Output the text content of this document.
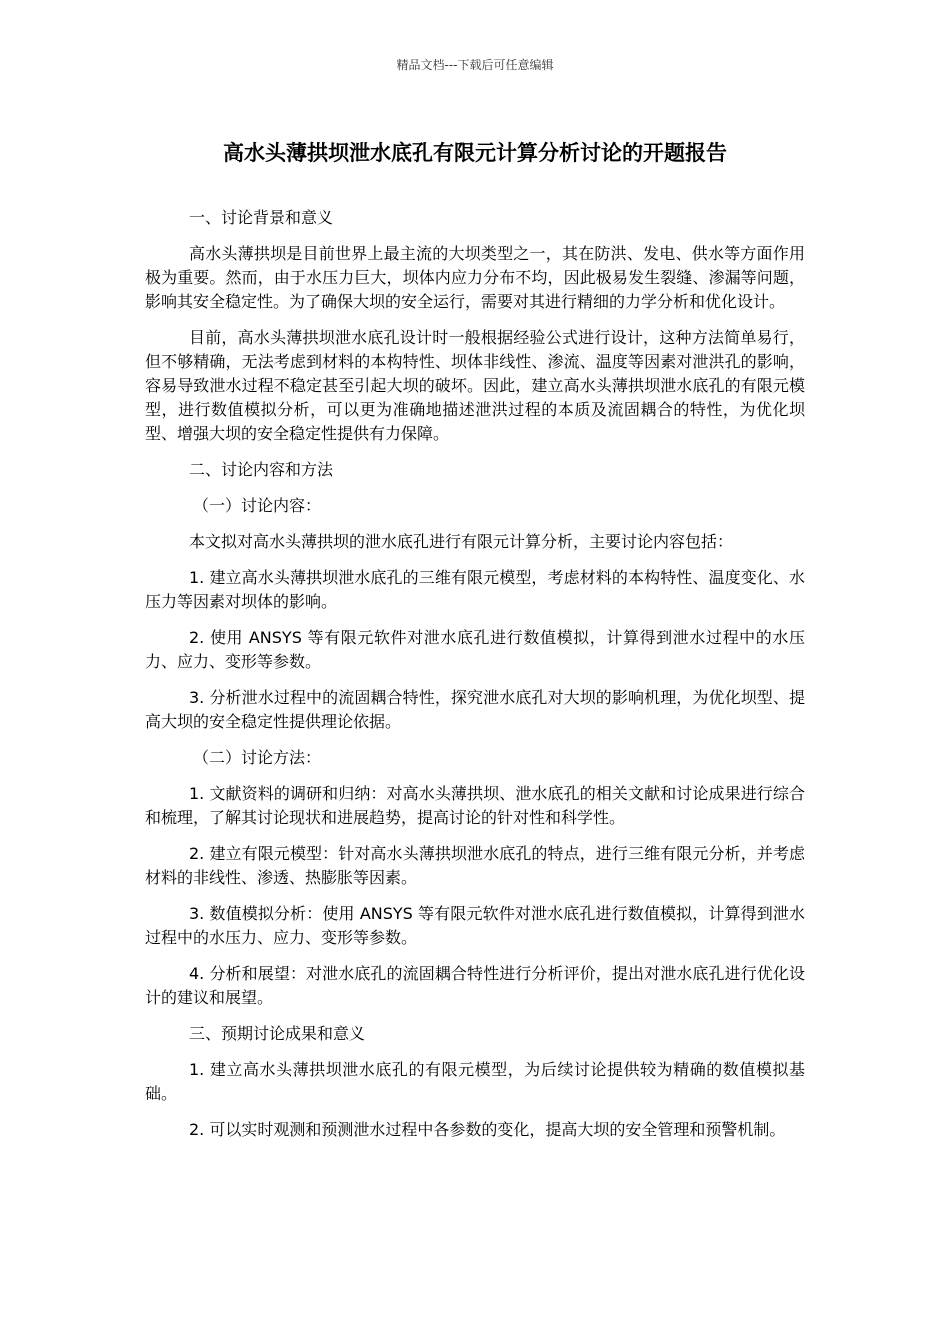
精品文档---下载后可任意编辑
高水头薄拱坝泄水底孔有限元计算分析讨论的开题报告

一、讨论背景和意义

高水头薄拱坝是目前世界上最主流的大坝类型之一，其在防洪、发电、供水等方面作用极为重要。然而，由于水压力巨大，坝体内应力分布不均，因此极易发生裂缝、渗漏等问题，影响其安全稳定性。为了确保大坝的安全运行，需要对其进行精细的力学分析和优化设计。

目前，高水头薄拱坝泄水底孔设计时一般根据经验公式进行设计，这种方法简单易行，但不够精确，无法考虑到材料的本构特性、坝体非线性、渗流、温度等因素对泄洪孔的影响，容易导致泄水过程不稳定甚至引起大坝的破坏。因此，建立高水头薄拱坝泄水底孔的有限元模型，进行数值模拟分析，可以更为准确地描述泄洪过程的本质及流固耦合的特性，为优化坝型、增强大坝的安全稳定性提供有力保障。

二、讨论内容和方法

（一）讨论内容：

本文拟对高水头薄拱坝的泄水底孔进行有限元计算分析，主要讨论内容包括：

1. 建立高水头薄拱坝泄水底孔的三维有限元模型，考虑材料的本构特性、温度变化、水压力等因素对坝体的影响。

2. 使用 ANSYS 等有限元软件对泄水底孔进行数值模拟，计算得到泄水过程中的水压力、应力、变形等参数。

3. 分析泄水过程中的流固耦合特性，探究泄水底孔对大坝的影响机理，为优化坝型、提高大坝的安全稳定性提供理论依据。

（二）讨论方法：

1. 文献资料的调研和归纳：对高水头薄拱坝、泄水底孔的相关文献和讨论成果进行综合和梳理，了解其讨论现状和进展趋势，提高讨论的针对性和科学性。

2. 建立有限元模型：针对高水头薄拱坝泄水底孔的特点，进行三维有限元分析，并考虑材料的非线性、渗透、热膨胀等因素。

3. 数值模拟分析：使用 ANSYS 等有限元软件对泄水底孔进行数值模拟，计算得到泄水过程中的水压力、应力、变形等参数。

4. 分析和展望：对泄水底孔的流固耦合特性进行分析评价，提出对泄水底孔进行优化设计的建议和展望。

三、预期讨论成果和意义

1. 建立高水头薄拱坝泄水底孔的有限元模型，为后续讨论提供较为精确的数值模拟基础。

2. 可以实时观测和预测泄水过程中各参数的变化，提高大坝的安全管理和预警机制。
